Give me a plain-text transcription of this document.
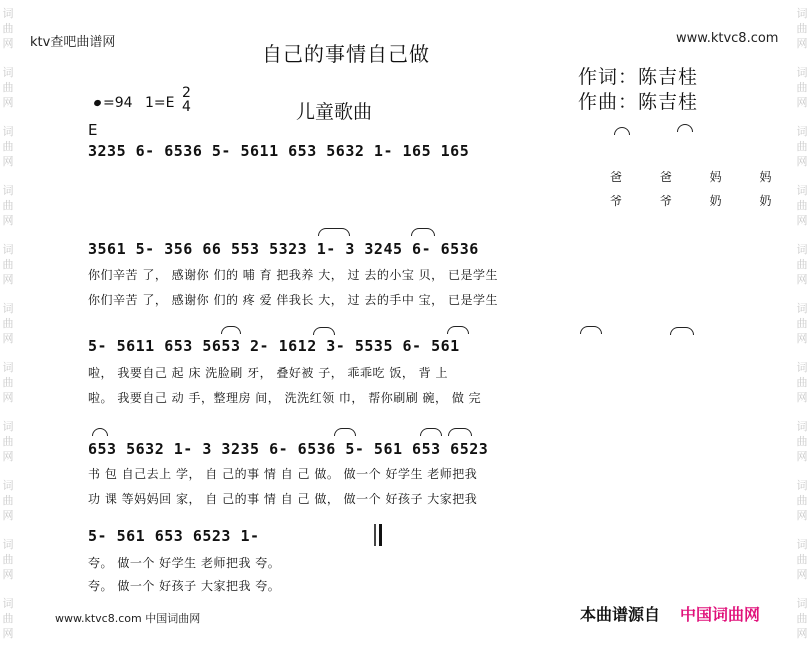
词
曲
网
词
曲
网
词
曲
网
词
曲
网
词
曲
网
词
曲
网
词
曲
网
词
曲
网
词
曲
网
词
曲
网
词
曲
网
词
曲
网
词
曲
网
词
曲
网
词
曲
网
词
曲
网
词
曲
网
词
曲
网
词
曲
网
词
曲
网
词
曲
网
词
曲
网
ktv查吧曲谱网	www.ktvc8.com
自己的事情自己做
作词：陈吉桂
作曲：陈吉桂
=94 1=E
2
4	儿童歌曲
E
3235 6- 6536 5- 5611 653 5632 1- 165 165
爸 爸 妈 妈
爷 爷 奶 奶
3561 5- 356 66 553 5323 1- 3 3245 6- 6536
你们辛苦 了， 感谢你 们的 哺 育 把我养 大， 过 去的小宝 贝， 已是学生
你们辛苦 了， 感谢你 们的 疼 爱 伴我长 大， 过 去的手中 宝， 已是学生
5- 5611 653 5653 2- 1612 3- 5535 6- 561
啦， 我要自己 起 床 洗脸刷 牙， 叠好被 子， 乖乖吃 饭， 背 上
啦。 我要自己 动 手，整理房 间， 洗洗红领 巾， 帮你刷刷 碗， 做 完
653 5632 1- 3 3235 6- 6536 5- 561 653 6523
书 包 自己去上 学， 自 己的事 情 自 己 做。 做一个 好学生 老师把我
功 课 等妈妈回 家， 自 己的事 情 自 己 做， 做一个 好孩子 大家把我
5- 561 653 6523 1-
夸。 做一个 好学生 老师把我 夸。
夸。 做一个 好孩子 大家把我 夸。
www.ktvc8.com 中国词曲网	本曲谱源自 中国词曲网
